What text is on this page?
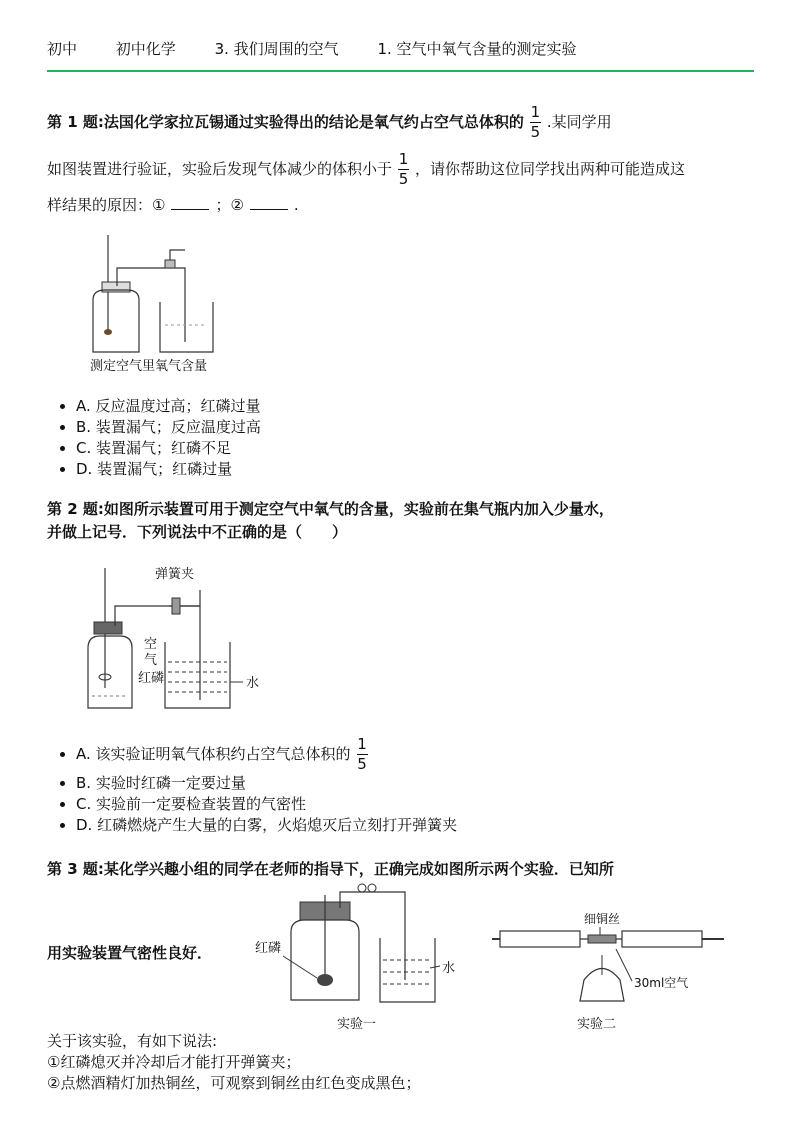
初中	初中化学	3. 我们周围的空气	1. 空气中氧气含量的测定实验
第 1 题:法国化学家拉瓦锡通过实验得出的结论是氧气约占空气总体积的 $\frac{1}{5}$ .某同学用
如图装置进行验证，实验后发现气体减少的体积小于 $\frac{1}{5}$ ，请你帮助这位同学找出两种可能造成这
样结果的原因：①	；②	.
测定空气里氧气含量
• A. 反应温度过高；红磷过量
• B. 装置漏气；反应温度过高
• C. 装置漏气；红磷不足
• D. 装置漏气；红磷过量
第 2 题:如图所示装置可用于测定空气中氧气的含量，实验前在集气瓶内加入少量水，
并做上记号．下列说法中不正确的是（　　）
弹簧夹
空
气
红磷	水
• A. 该实验证明氧气体积约占空气总体积的 $\frac{1}{5}$
• B. 实验时红磷一定要过量
• C. 实验前一定要检查装置的气密性
• D. 红磷燃烧产生大量的白雾，火焰熄灭后立刻打开弹簧夹
第 3 题:某化学兴趣小组的同学在老师的指导下，正确完成如图所示两个实验．已知所
用实验装置气密性良好．	红磷
水
实验一
细铜丝
30ml空气
实验二
关于该实验，有如下说法:
①红磷熄灭并冷却后才能打开弹簧夹；
②点燃酒精灯加热铜丝，可观察到铜丝由红色变成黑色；
